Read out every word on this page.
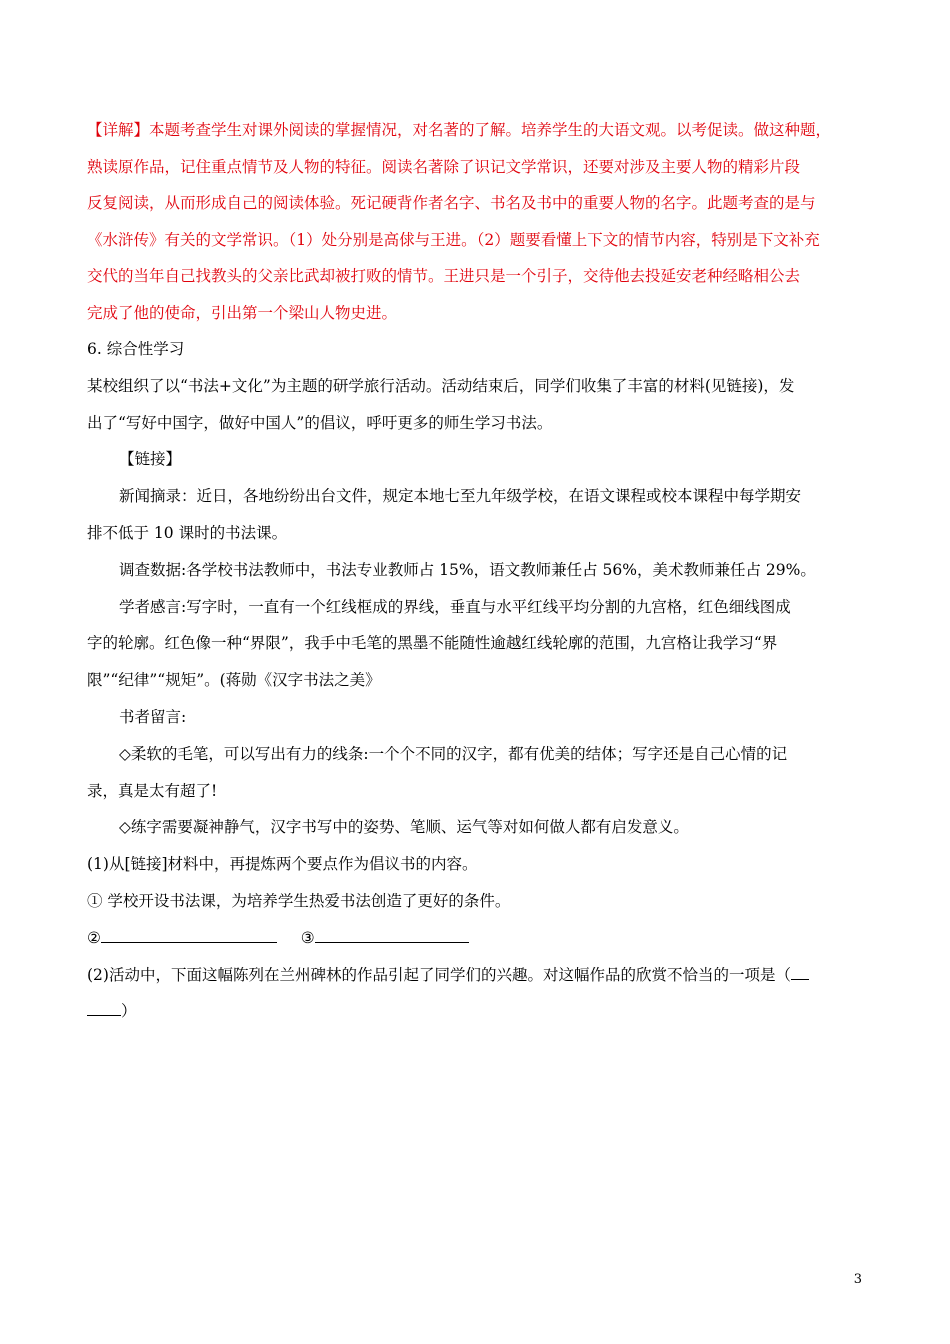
【详解】本题考查学生对课外阅读的掌握情况，对名著的了解。培养学生的大语文观。以考促读。做这种题，

熟读原作品，记住重点情节及人物的特征。阅读名著除了识记文学常识，还要对涉及主要人物的精彩片段

反复阅读，从而形成自己的阅读体验。死记硬背作者名字、书名及书中的重要人物的名字。此题考查的是与

《水浒传》有关的文学常识。（1）处分别是高俅与王进。（2）题要看懂上下文的情节内容，特别是下文补充

交代的当年自己找教头的父亲比武却被打败的情节。王进只是一个引子，交待他去投延安老种经略相公去

完成了他的使命，引出第一个梁山人物史进。

6. 综合性学习

某校组织了以“书法+文化”为主题的研学旅行活动。活动结束后，同学们收集了丰富的材料(见链接)，发

出了“写好中国字，做好中国人”的倡议，呼吁更多的师生学习书法。

【链接】

新闻摘录：近日，各地纷纷出台文件，规定本地七至九年级学校，在语文课程或校本课程中每学期安

排不低于 10 课时的书法课。

调查数据:各学校书法教师中，书法专业教师占 15%，语文教师兼任占 56%，美术教师兼任占 29%。

学者感言:写字时，一直有一个红线框成的界线，垂直与水平红线平均分割的九宫格，红色细线图成

字的轮廓。红色像一种“界限”，我手中毛笔的黑墨不能随性逾越红线轮廓的范围，九宫格让我学习“界

限”“纪律”“规矩”。(蒋勋《汉字书法之美》

书者留言:

◇柔软的毛笔，可以写出有力的线条:一个个不同的汉字，都有优美的结体；写字还是自己心情的记

录，真是太有超了!

◇练字需要凝神静气，汉字书写中的姿势、笔顺、运气等对如何做人都有启发意义。

(1)从[链接]材料中，再提炼两个要点作为倡议书的内容。

① 学校开设书法课，为培养学生热爱书法创造了更好的条件。

②	③

(2)活动中，下面这幅陈列在兰州碑林的作品引起了同学们的兴趣。对这幅作品的欣赏不恰当的一项是（

）

3
